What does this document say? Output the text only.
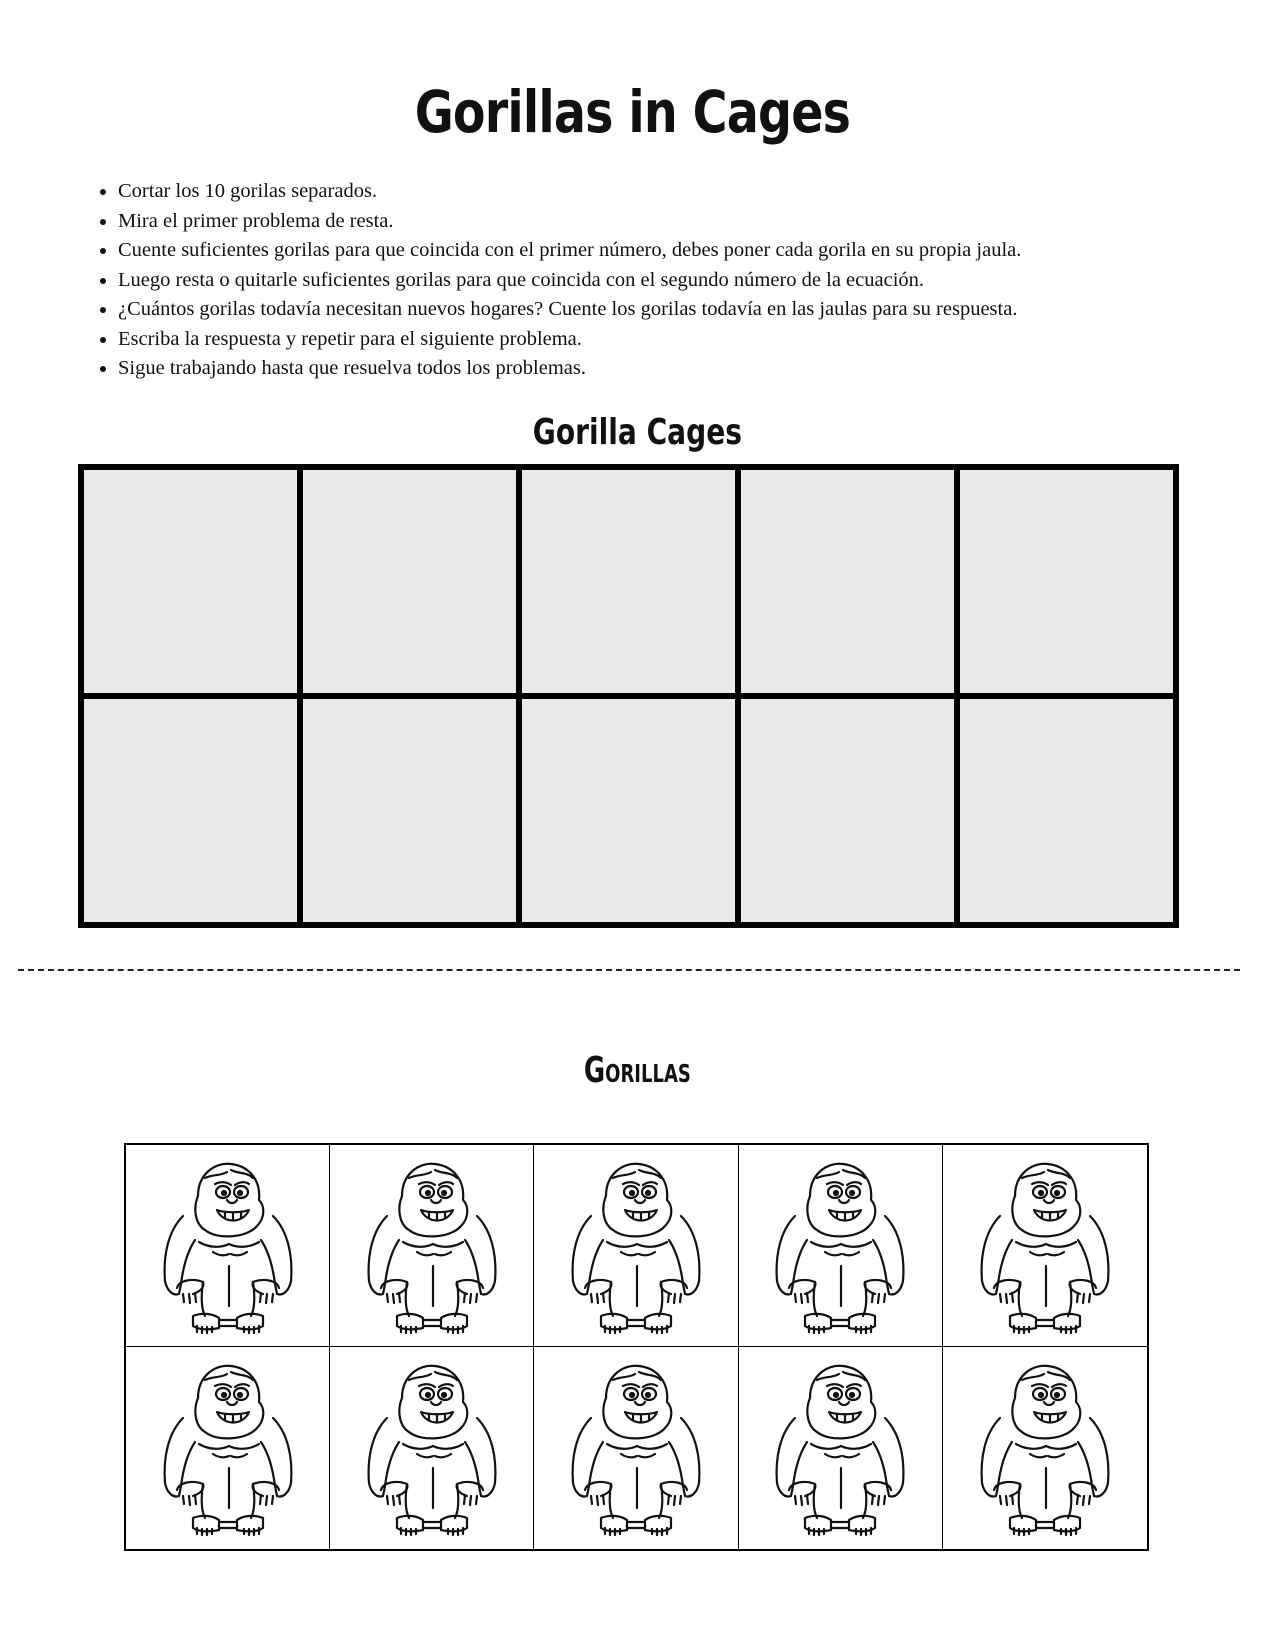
Gorillas in Cages
• Cortar los 10 gorilas separados.
• Mira el primer problema de resta.
• Cuente suficientes gorilas para que coincida con el primer número, debes poner cada gorila en su propia jaula.
• Luego resta o quitarle suficientes gorilas para que coincida con el segundo número de la ecuación.
• ¿Cuántos gorilas todavía necesitan nuevos hogares? Cuente los gorilas todavía en las jaulas para su respuesta.
• Escriba la respuesta y repetir para el siguiente problema.
• Sigue trabajando hasta que resuelva todos los problemas.
Gorilla Cages
Gorillas
